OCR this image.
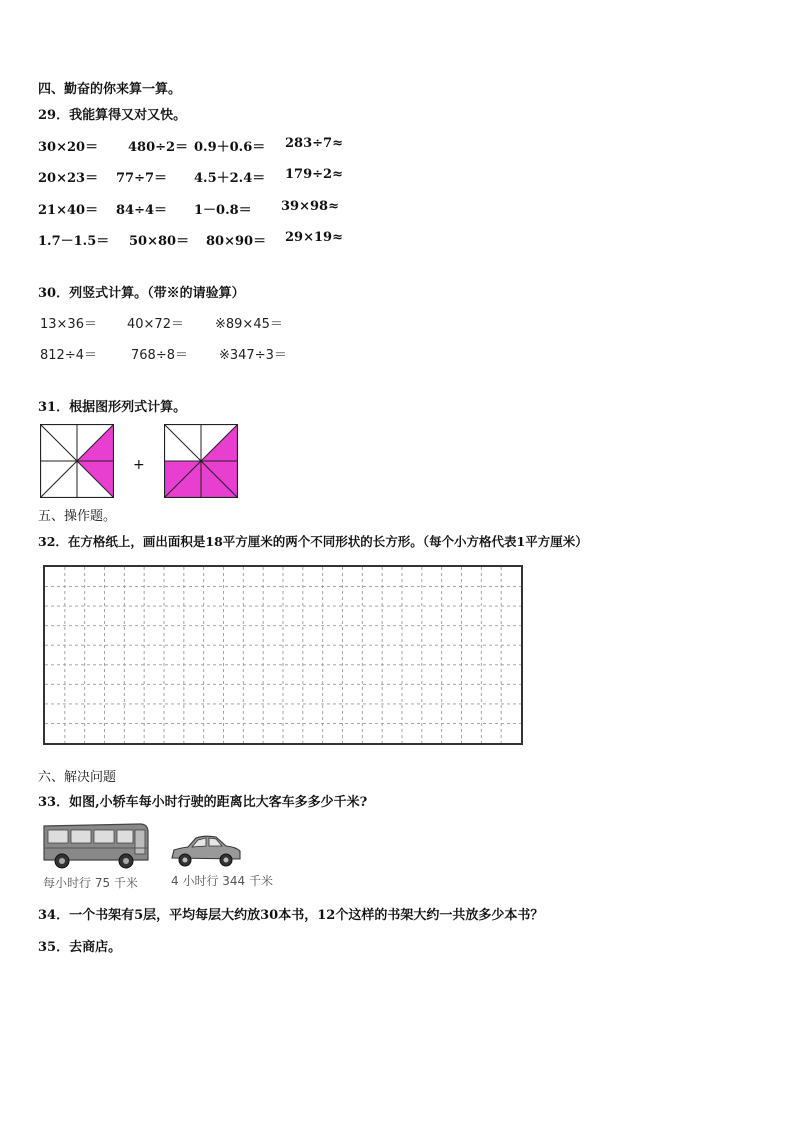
四、勤奋的你来算一算。
29．我能算得又对又快。
30×20＝ 480÷2＝ 0.9＋0.6＝ 283÷7≈
20×23＝ 77÷7＝ 4.5＋2.4＝ 179÷2≈
21×40＝ 84÷4＝ 1－0.8＝ 39×98≈
1.7－1.5＝ 50×80＝ 80×90＝ 29×19≈
30．列竖式计算。（带※的请验算）
13×36＝ 40×72＝ ※89×45＝
812÷4＝	768÷8＝ ※347÷3＝
31．根据图形列式计算。
+
五、操作题。
32．在方格纸上，画出面积是18平方厘米的两个不同形状的长方形。（每个小方格代表1平方厘米）
六、解决问题
33．如图,小轿车每小时行驶的距离比大客车多多少千米?
每小时行 75 千米	4 小时行 344 千米
34．一个书架有5层，平均每层大约放30本书，12个这样的书架大约一共放多少本书？
35．去商店。
